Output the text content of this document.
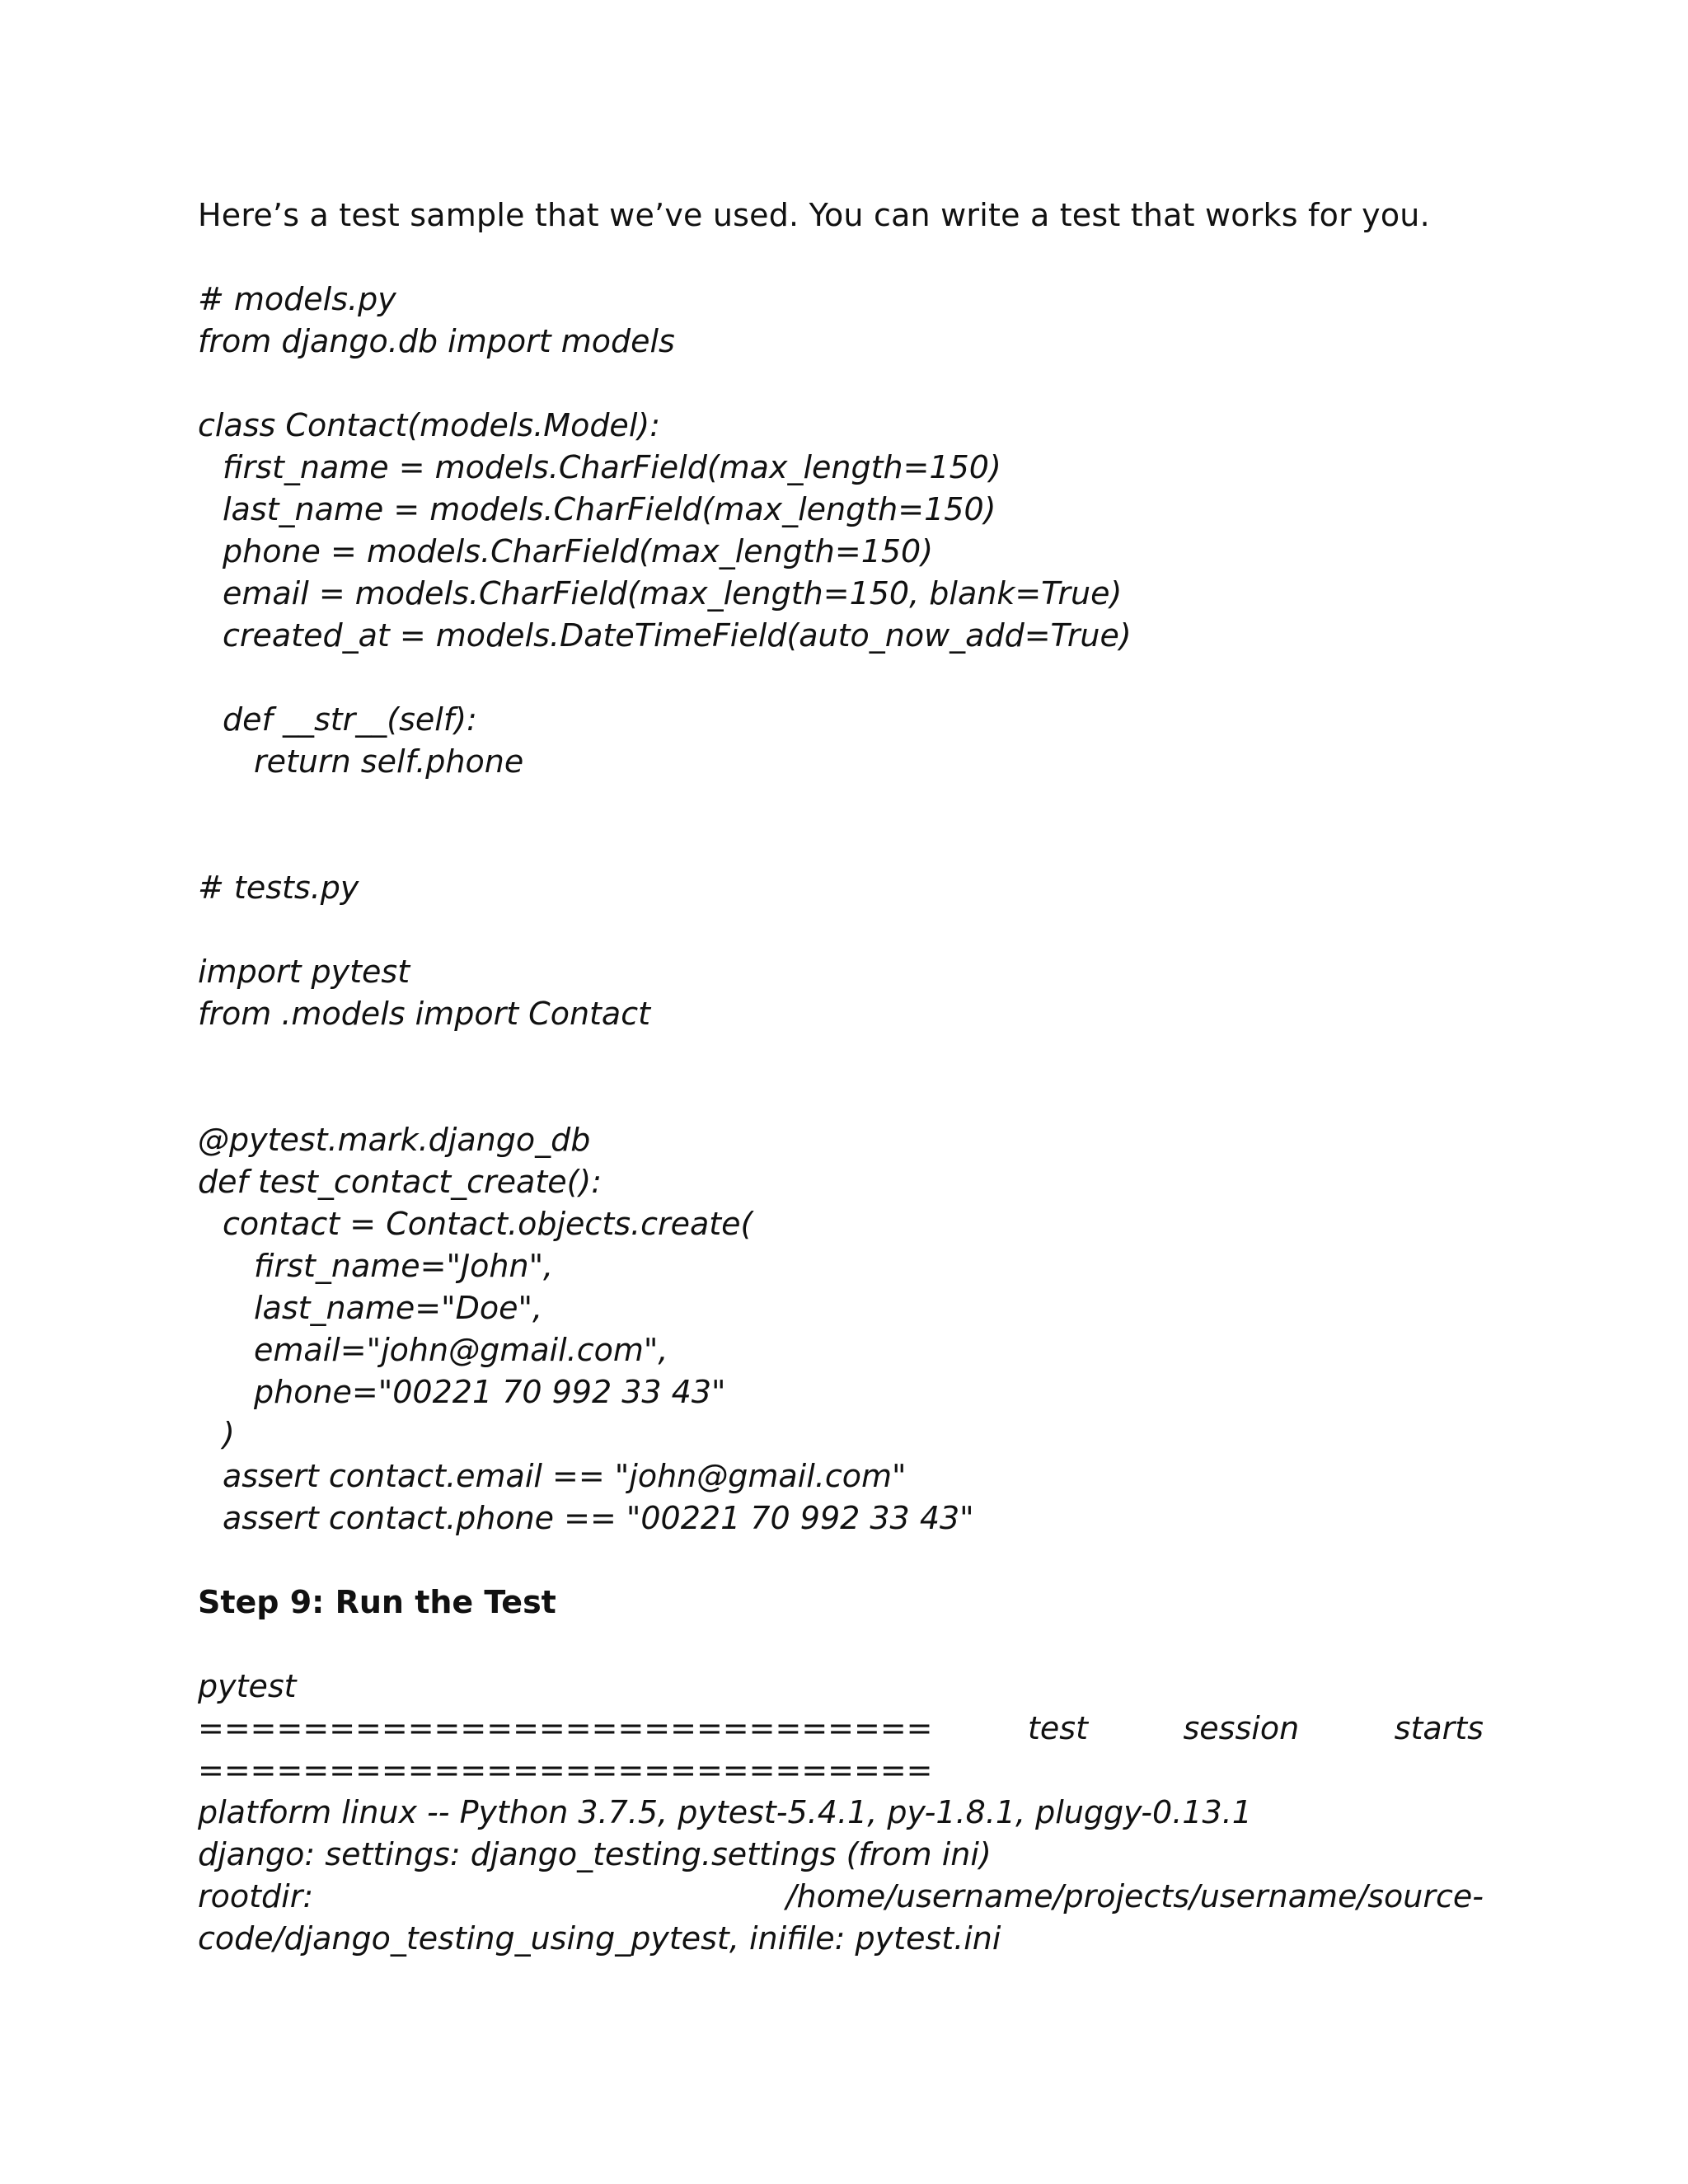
Here’s a test sample that we’ve used. You can write a test that works for you.
# models.py
from django.db import models
class Contact(models.Model):
first_name = models.CharField(max_length=150)
last_name = models.CharField(max_length=150)
phone = models.CharField(max_length=150)
email = models.CharField(max_length=150, blank=True)
created_at = models.DateTimeField(auto_now_add=True)
def __str__(self):
return self.phone
# tests.py
import pytest
from .models import Contact
@pytest.mark.django_db
def test_contact_create():
contact = Contact.objects.create(
first_name="John",
last_name="Doe",
email="john@gmail.com",
phone="00221 70 992 33 43"
)
assert contact.email == "john@gmail.com"
assert contact.phone == "00221 70 992 33 43"
Step 9: Run the Test
pytest
============================	test	session	starts
============================
platform linux -- Python 3.7.5, pytest-5.4.1, py-1.8.1, pluggy-0.13.1
django: settings: django_testing.settings (from ini)
rootdir:	/home/username/projects/username/source-
code/django_testing_using_pytest, inifile: pytest.ini
